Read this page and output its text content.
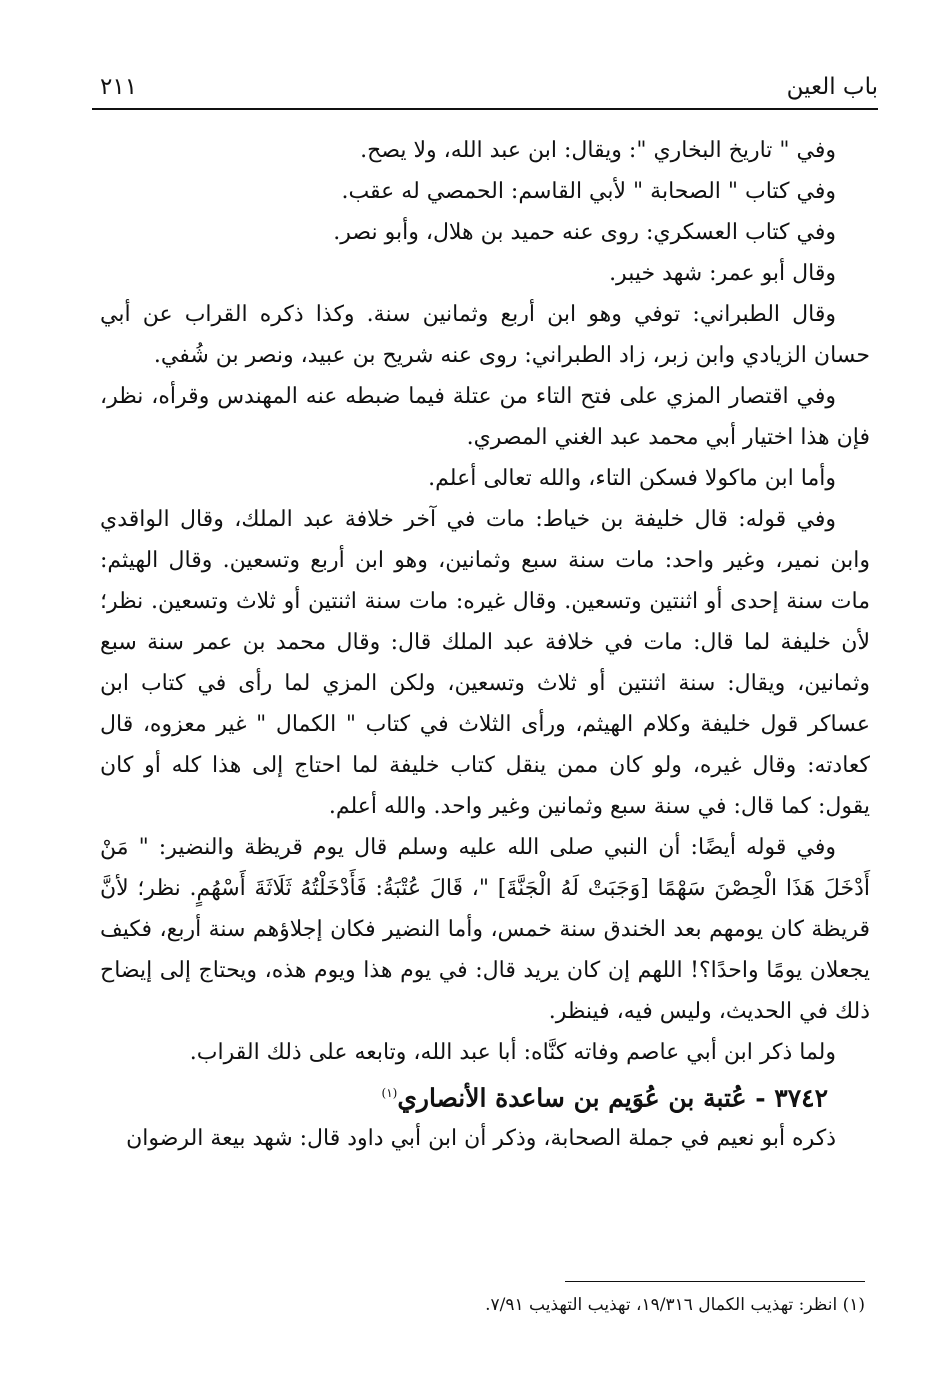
باب العين
٢١١

وفي " تاريخ البخاري ": ويقال: ابن عبد الله، ولا يصح.

وفي كتاب " الصحابة " لأبي القاسم: الحمصي له عقب.

وفي كتاب العسكري: روى عنه حميد بن هلال، وأبو نصر.

وقال أبو عمر: شهد خيبر.

وقال الطبراني: توفي وهو ابن أربع وثمانين سنة. وكذا ذكره القراب عن أبي حسان الزيادي وابن زبر، زاد الطبراني: روى عنه شريح بن عبيد، ونصر بن شُفي.

وفي اقتصار المزي على فتح التاء من عتلة فيما ضبطه عنه المهندس وقرأه، نظر، فإن هذا اختيار أبي محمد عبد الغني المصري.

وأما ابن ماكولا فسكن التاء، والله تعالى أعلم.

وفي قوله: قال خليفة بن خياط: مات في آخر خلافة عبد الملك، وقال الواقدي وابن نمير، وغير واحد: مات سنة سبع وثمانين، وهو ابن أربع وتسعين. وقال الهيثم: مات سنة إحدى أو اثنتين وتسعين. وقال غيره: مات سنة اثنتين أو ثلاث وتسعين. نظر؛ لأن خليفة لما قال: مات في خلافة عبد الملك قال: وقال محمد بن عمر سنة سبع وثمانين، ويقال: سنة اثنتين أو ثلاث وتسعين، ولكن المزي لما رأى في كتاب ابن عساكر قول خليفة وكلام الهيثم، ورأى الثلاث في كتاب " الكمال " غير معزوه، قال كعادته: وقال غيره، ولو كان ممن ينقل كتاب خليفة لما احتاج إلى هذا كله أو كان يقول: كما قال: في سنة سبع وثمانين وغير واحد. والله أعلم.

وفي قوله أيضًا: أن النبي صلى الله عليه وسلم قال يوم قريظة والنضير: " مَنْ أَدْخَلَ هَذَا الْحِصْنَ سَهْمًا [وَجَبَتْ لَهُ الْجَنَّةَ] "، قَالَ عُتْبَةُ: فَأَدْخَلْتُهُ ثَلَاثَةَ أَسْهُمٍ. نظر؛ لأنَّ قريظة كان يومهم بعد الخندق سنة خمس، وأما النضير فكان إجلاؤهم سنة أربع، فكيف يجعلان يومًا واحدًا؟! اللهم إن كان يريد قال: في يوم هذا ويوم هذه، ويحتاج إلى إيضاح ذلك في الحديث، وليس فيه، فينظر.

ولما ذكر ابن أبي عاصم وفاته كنَّاه: أبا عبد الله، وتابعه على ذلك القراب.

٣٧٤٢ - عُتبة بن عُوَيم بن ساعدة الأنصاري$^{(١)}$

ذكره أبو نعيم في جملة الصحابة، وذكر أن ابن أبي داود قال: شهد بيعة الرضوان

(١) انظر: تهذيب الكمال ١٩/٣١٦، تهذيب التهذيب ٧/٩١.
